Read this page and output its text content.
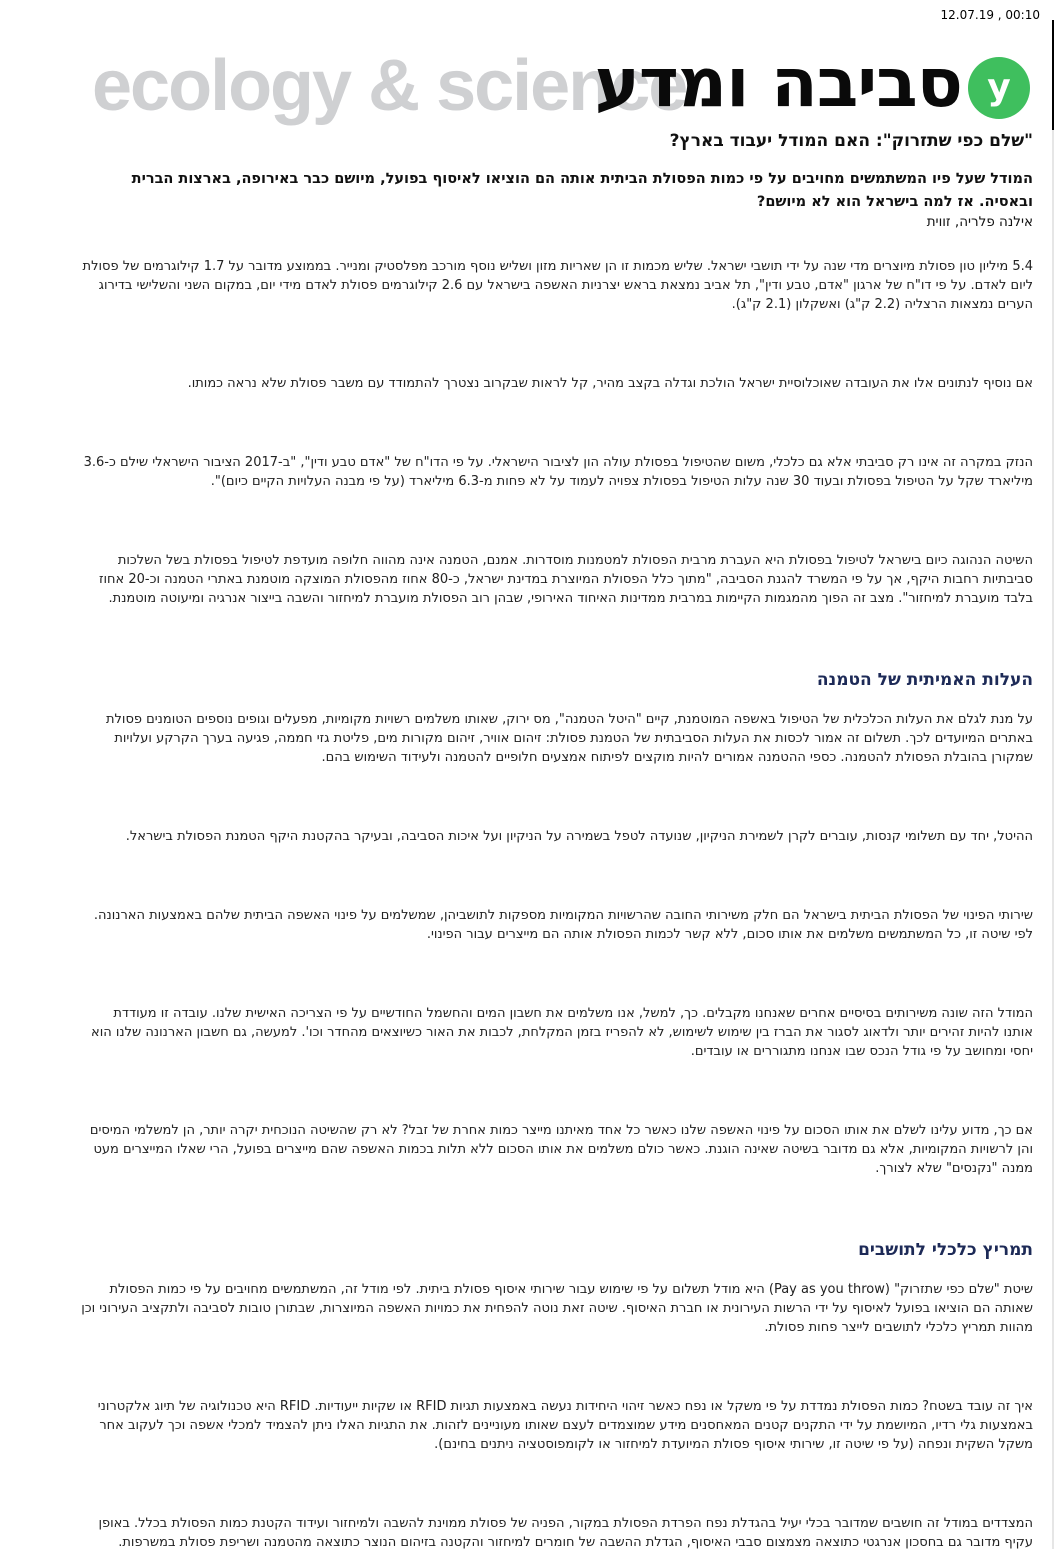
12.07.19 , 00:10
ecology & science
סביבה ומדע y
"שלם כפי שתזרוק": האם המודל יעבוד בארץ?

המודל שעל פיו המשתמשים מחויבים על פי כמות הפסולת הביתית אותה הם הוציאו לאיסוף בפועל, מיושם כבר באירופה, בארצות הברית ובאסיה. אז למה בישראל הוא לא מיושם?

אילנה פלריה, זווית

5.4 מיליון טון פסולת מיוצרים מדי שנה על ידי תושבי ישראל. שליש מכמות זו הן שאריות מזון ושליש נוסף מורכב מפלסטיק ומנייר. בממוצע מדובר על 1.7 קילוגרמים של פסולת ליום לאדם. על פי דו"ח של ארגון "אדם, טבע ודין", תל אביב נמצאת בראש יצרניות האשפה בישראל עם 2.6 קילוגרמים פסולת לאדם מידי יום, במקום השני והשלישי בדירוג הערים נמצאות הרצליה (2.2 ק"ג) ואשקלון (2.1 ק"ג).

אם נוסיף לנתונים אלו את העובדה שאוכלוסיית ישראל הולכת וגדלה בקצב מהיר, קל לראות שבקרוב נצטרך להתמודד עם משבר פסולת שלא נראה כמותו.

הנזק במקרה זה אינו רק סביבתי אלא גם כלכלי, משום שהטיפול בפסולת עולה הון לציבור הישראלי. על פי הדו"ח של "אדם טבע ודין", "ב-2017 הציבור הישראלי שילם כ-3.6 מיליארד שקל על הטיפול בפסולת ובעוד 30 שנה עלות הטיפול בפסולת צפויה לעמוד על לא פחות מ-6.3 מיליארד (על פי מבנה העלויות הקיים כיום)".

השיטה הנהוגה כיום בישראל לטיפול בפסולת היא העברת מרבית הפסולת למטמנות מוסדרות. אמנם, הטמנה אינה מהווה חלופה מועדפת לטיפול בפסולת בשל השלכות סביבתיות רחבות היקף, אך על פי המשרד להגנת הסביבה, "מתוך כלל הפסולת המיוצרת במדינת ישראל, כ-80 אחוז מהפסולת המוצקה מוטמנת באתרי הטמנה וכ-20 אחוז בלבד מועברת למיחזור". מצב זה הפוך מהמגמות הקיימות במרבית ממדינות האיחוד האירופי, שבהן רוב הפסולת מועברת למיחזור והשבה בייצור אנרגיה ומיעוטה מוטמנת.

העלות האמיתית של הטמנה

על מנת לגלם את העלות הכלכלית של הטיפול באשפה המוטמנת, קיים "היטל הטמנה", מס ירוק, שאותו משלמים רשויות מקומיות, מפעלים וגופים נוספים הטומנים פסולת באתרים המיועדים לכך. תשלום זה אמור לכסות את העלות הסביבתית של הטמנת פסולת: זיהום אוויר, זיהום מקורות מים, פליטת גזי חממה, פגיעה בערך הקרקע ועלויות שמקורן בהובלת הפסולת להטמנה. כספי ההטמנה אמורים להיות מוקצים לפיתוח אמצעים חלופיים להטמנה ולעידוד השימוש בהם.

ההיטל, יחד עם תשלומי קנסות, עוברים לקרן לשמירת הניקיון, שנועדה לטפל בשמירה על הניקיון ועל איכות הסביבה, ובעיקר בהקטנת היקף הטמנת הפסולת בישראל.

שירותי הפינוי של הפסולת הביתית בישראל הם חלק משירותי החובה שהרשויות המקומיות מספקות לתושביהן, שמשלמים על פינוי האשפה הביתית שלהם באמצעות הארנונה. לפי שיטה זו, כל המשתמשים משלמים את אותו סכום, ללא קשר לכמות הפסולת אותה הם מייצרים עבור הפינוי.

המודל הזה שונה משירותים בסיסיים אחרים שאנחנו מקבלים. כך, למשל, אנו משלמים את חשבון המים והחשמל החודשיים על פי הצריכה האישית שלנו. עובדה זו מעודדת אותנו להיות זהירים יותר ולדאוג לסגור את הברז בין שימוש לשימוש, לא להפריז בזמן המקלחת, לכבות את האור כשיוצאים מהחדר וכו'. למעשה, גם חשבון הארנונה שלנו הוא יחסי ומחושב על פי גודל הנכס שבו אנחנו מתגוררים או עובדים.

אם כך, מדוע עלינו לשלם את אותו הסכום על פינוי האשפה שלנו כאשר כל אחד מאיתנו מייצר כמות אחרת של זבל? לא רק שהשיטה הנוכחית יקרה יותר, הן למשלמי המיסים והן לרשויות המקומיות, אלא גם מדובר בשיטה שאינה הוגנת. כאשר כולם משלמים את אותו הסכום ללא תלות בכמות האשפה שהם מייצרים בפועל, הרי שאלו המייצרים מעט ממנה "נקנסים" שלא לצורך.

תמריץ כלכלי לתושבים

שיטת "שלם כפי שתזרוק" (Pay as you throw) היא מודל תשלום על פי שימוש עבור שירותי איסוף פסולת ביתית. לפי מודל זה, המשתמשים מחויבים על פי כמות הפסולת שאותה הם הוציאו בפועל לאיסוף על ידי הרשות העירונית או חברת האיסוף. שיטה זאת נוטה להפחית את כמויות האשפה המיוצרות, שבתורן טובות לסביבה ולתקציב העירוני וכן מהוות תמריץ כלכלי לתושבים לייצר פחות פסולת.

איך זה עובד בשטח? כמות הפסולת נמדדת על פי משקל או נפח כאשר זיהוי היחידות נעשה באמצעות תגיות RFID או שקיות ייעודיות. RFID היא טכנולוגיה של תיוג אלקטרוני באמצעות גלי רדיו, המיושמת על ידי התקנים קטנים המאחסנים מידע שמוצמדים לעצם שאותו מעוניינים לזהות. את התגיות האלו ניתן להצמיד למכלי אשפה וכך לעקוב אחר משקל השקית ונפחה (על פי שיטה זו, שירותי איסוף פסולת המיועדת למיחזור או לקומפוסטציה ניתנים בחינם).

המצדדים במודל זה חושבים שמדובר בכלי יעיל בהגדלת נפח הפרדת הפסולת במקור, הפניה של פסולת ממוינת להשבה ולמיחזור ועידוד הקטנת כמות הפסולת בכלל. באופן עקיף מדובר גם בחסכון אנרגטי כתוצאה מצמצום סבבי האיסוף, הגדלת ההשבה של חומרים למיחזור והקטנה בזיהום הנוצר כתוצאה מהטמנה ושריפת פסולת במשרפות.
